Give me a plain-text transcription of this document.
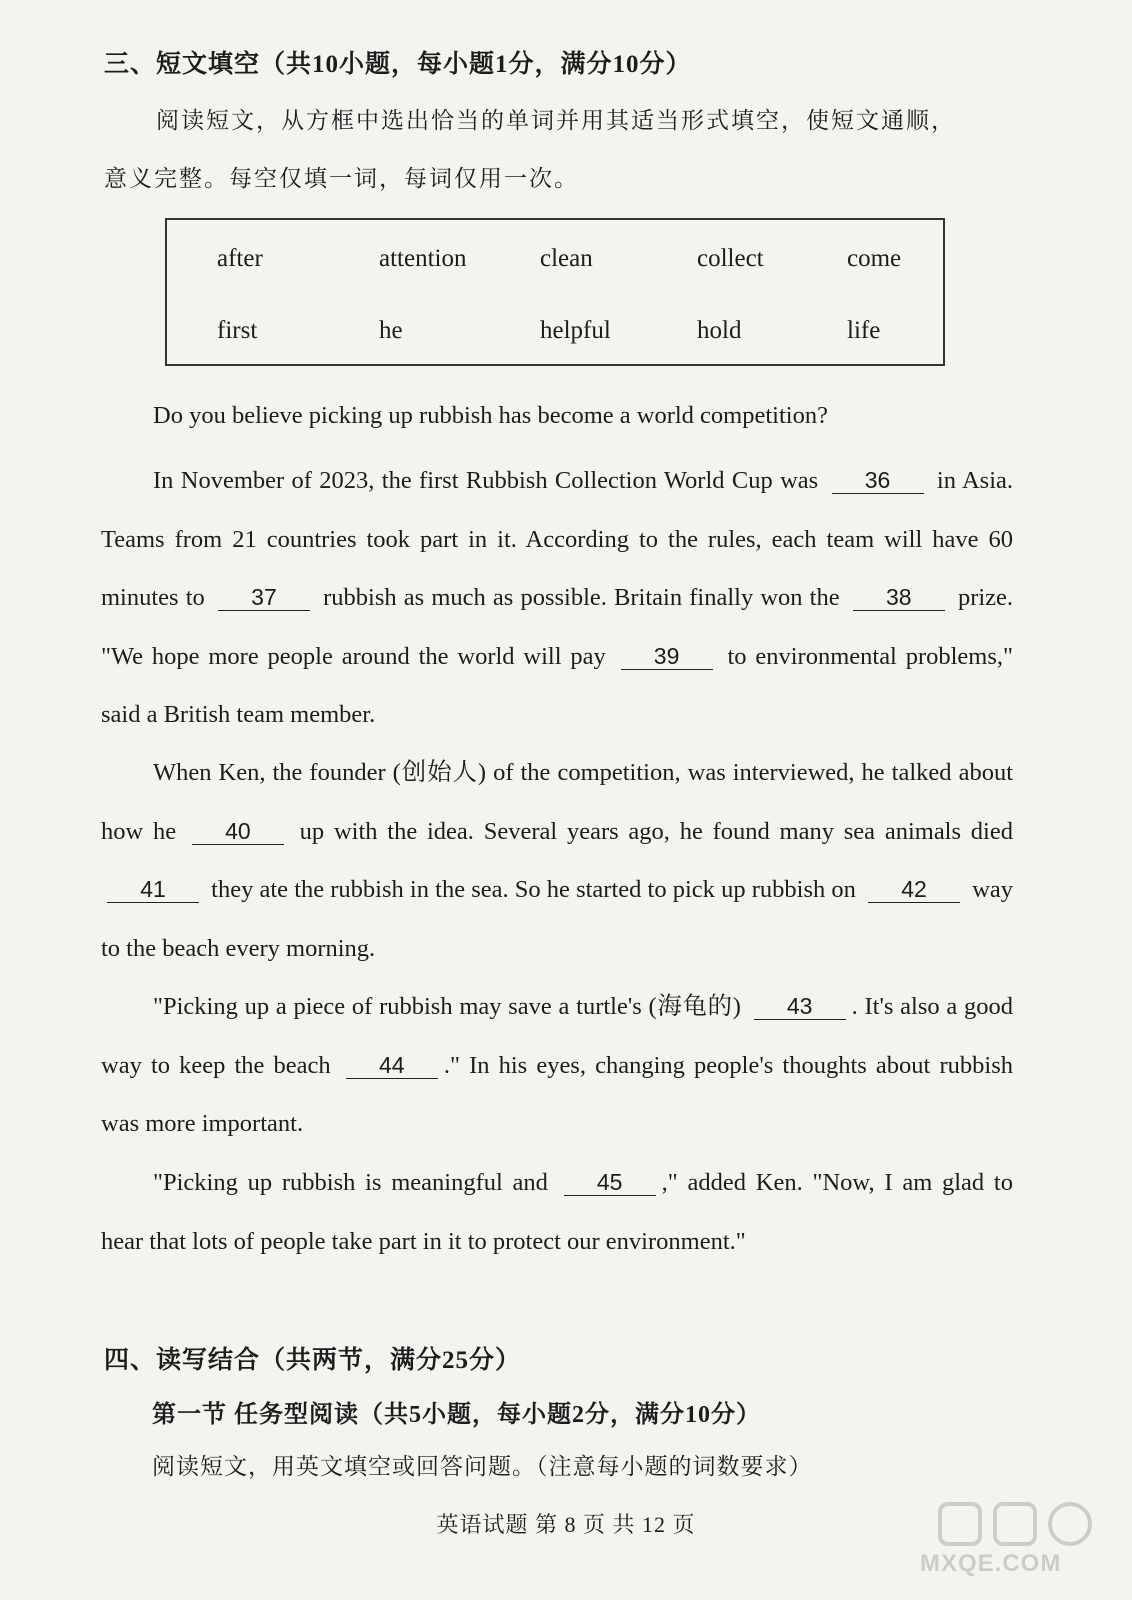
三、短文填空（共10小题，每小题1分，满分10分）
阅读短文，从方框中选出恰当的单词并用其适当形式填空，使短文通顺，
意义完整。每空仅填一词，每词仅用一次。
after	attention	clean	collect	come
first	he	helpful	hold	life
Do you believe picking up rubbish has become a world competition?
In November of 2023, the first Rubbish Collection World Cup was 36 in Asia. Teams from 21 countries took part in it. According to the rules, each team will have 60 minutes to 37 rubbish as much as possible. Britain finally won the 38 prize. "We hope more people around the world will pay 39 to environmental problems," said a British team member.
When Ken, the founder (创始人) of the competition, was interviewed, he talked about how he 40 up with the idea. Several years ago, he found many sea animals died 41 they ate the rubbish in the sea. So he started to pick up rubbish on 42 way to the beach every morning.
"Picking up a piece of rubbish may save a turtle's (海龟的) 43 . It's also a good way to keep the beach 44 ." In his eyes, changing people's thoughts about rubbish was more important.
"Picking up rubbish is meaningful and 45 ," added Ken. "Now, I am glad to hear that lots of people take part in it to protect our environment."
四、读写结合（共两节，满分25分）
第一节 任务型阅读（共5小题，每小题2分，满分10分）
阅读短文，用英文填空或回答问题。（注意每小题的词数要求）
英语试题 第 8 页 共 12 页
MXQE.COM
